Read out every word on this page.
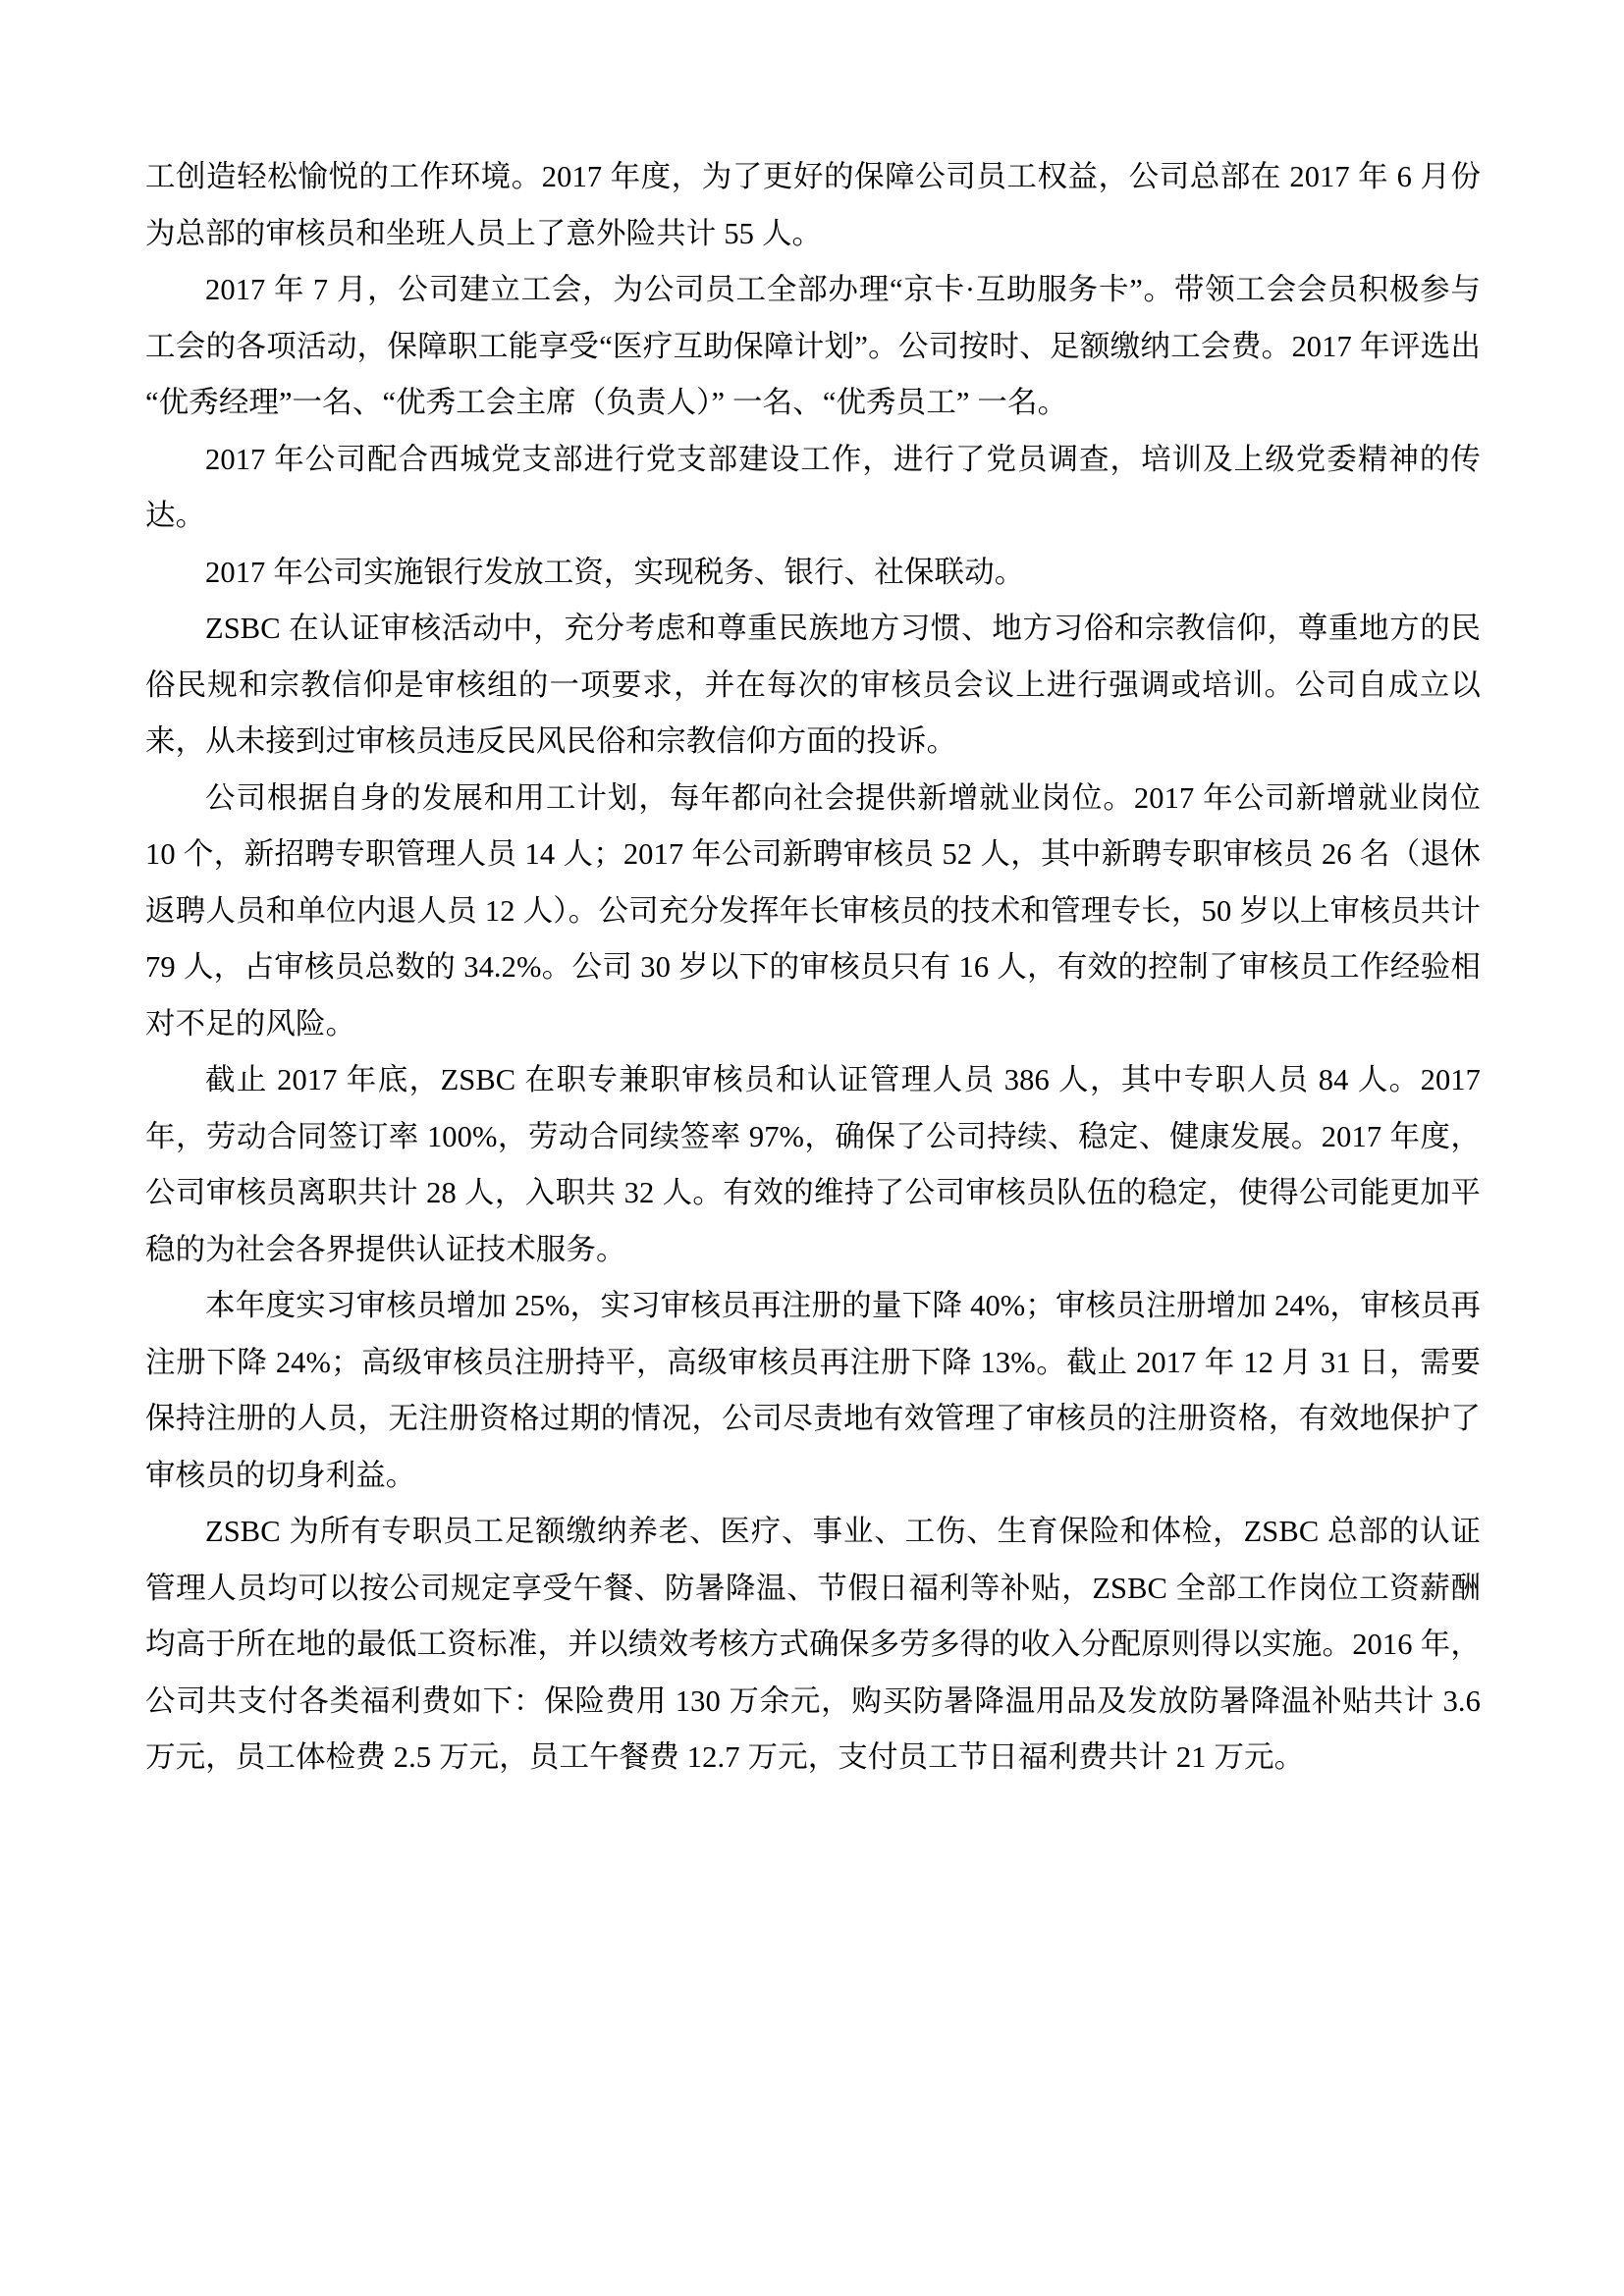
工创造轻松愉悦的工作环境。2017 年度，为了更好的保障公司员工权益，公司总部在 2017 年 6 月份为总部的审核员和坐班人员上了意外险共计 55 人。

2017 年 7 月，公司建立工会，为公司员工全部办理“京卡·互助服务卡”。带领工会会员积极参与工会的各项活动，保障职工能享受“医疗互助保障计划”。公司按时、足额缴纳工会费。2017 年评选出 “优秀经理”一名、“优秀工会主席（负责人）” 一名、“优秀员工” 一名。

2017 年公司配合西城党支部进行党支部建设工作，进行了党员调查，培训及上级党委精神的传达。

2017 年公司实施银行发放工资，实现税务、银行、社保联动。

ZSBC 在认证审核活动中，充分考虑和尊重民族地方习惯、地方习俗和宗教信仰，尊重地方的民俗民规和宗教信仰是审核组的一项要求，并在每次的审核员会议上进行强调或培训。公司自成立以来，从未接到过审核员违反民风民俗和宗教信仰方面的投诉。

公司根据自身的发展和用工计划，每年都向社会提供新增就业岗位。2017 年公司新增就业岗位 10 个，新招聘专职管理人员 14 人；2017 年公司新聘审核员 52 人，其中新聘专职审核员 26 名（退休返聘人员和单位内退人员 12 人）。公司充分发挥年长审核员的技术和管理专长，50 岁以上审核员共计 79 人，占审核员总数的 34.2%。公司 30 岁以下的审核员只有 16 人，有效的控制了审核员工作经验相对不足的风险。

截止 2017 年底，ZSBC 在职专兼职审核员和认证管理人员 386 人，其中专职人员 84 人。2017 年，劳动合同签订率 100%，劳动合同续签率 97%，确保了公司持续、稳定、健康发展。2017 年度，公司审核员离职共计 28 人，入职共 32 人。有效的维持了公司审核员队伍的稳定，使得公司能更加平稳的为社会各界提供认证技术服务。

本年度实习审核员增加 25%，实习审核员再注册的量下降 40%；审核员注册增加 24%，审核员再注册下降 24%；高级审核员注册持平，高级审核员再注册下降 13%。截止 2017 年 12 月 31 日，需要保持注册的人员，无注册资格过期的情况，公司尽责地有效管理了审核员的注册资格，有效地保护了审核员的切身利益。

ZSBC 为所有专职员工足额缴纳养老、医疗、事业、工伤、生育保险和体检，ZSBC 总部的认证管理人员均可以按公司规定享受午餐、防暑降温、节假日福利等补贴，ZSBC 全部工作岗位工资薪酬均高于所在地的最低工资标准，并以绩效考核方式确保多劳多得的收入分配原则得以实施。2016 年，公司共支付各类福利费如下：保险费用 130 万余元，购买防暑降温用品及发放防暑降温补贴共计 3.6 万元，员工体检费 2.5 万元，员工午餐费 12.7 万元，支付员工节日福利费共计 21 万元。
